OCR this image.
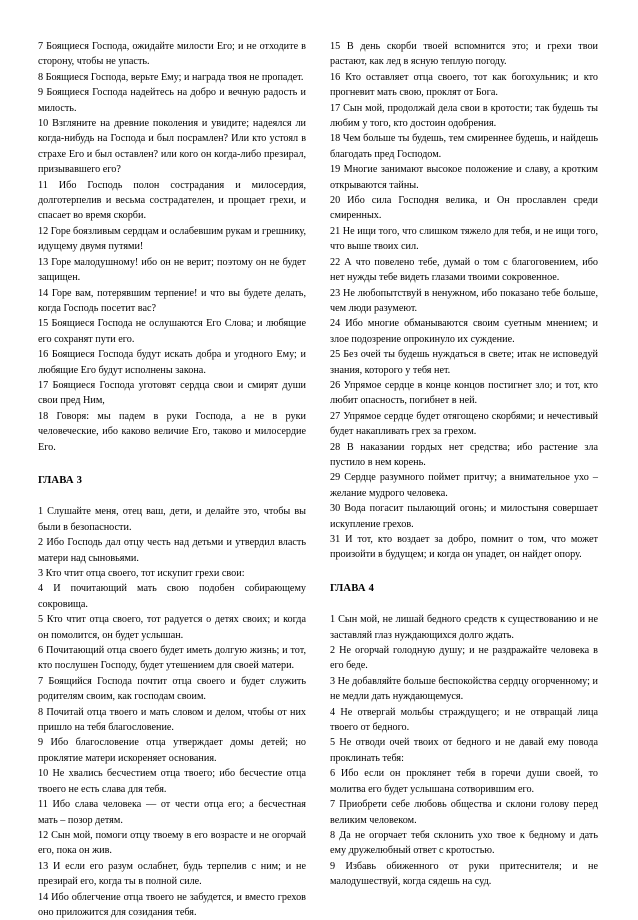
7 Боящиеся Господа, ожидайте милости Его; и не отходите в сторону, чтобы не упасть.

8 Боящиеся Господа, верьте Ему; и награда твоя не пропадет.

9 Боящиеся Господа надейтесь на добро и вечную радость и милость.

10 Взгляните на древние поколения и увидите; надеялся ли когда-нибудь на Господа и был посрамлен? Или кто устоял в страхе Его и был оставлен? или кого он когда-либо презирал, призывавшего его?

11 Ибо Господь полон сострадания и милосердия, долготерпелив и весьма сострадателен, и прощает грехи, и спасает во время скорби.

12 Горе боязливым сердцам и ослабевшим рукам и грешнику, идущему двумя путями!

13 Горе малодушному! ибо он не верит; поэтому он не будет защищен.

14 Горе вам, потерявшим терпение! и что вы будете делать, когда Господь посетит вас?

15 Боящиеся Господа не ослушаются Его Слова; и любящие его сохранят пути его.

16 Боящиеся Господа будут искать добра и угодного Ему; и любящие Его будут исполнены закона.

17 Боящиеся Господа уготовят сердца свои и смирят души свои пред Ним,

18 Говоря: мы падем в руки Господа, а не в руки человеческие, ибо каково величие Его, таково и милосердие Его.

ГЛАВА 3

1 Слушайте меня, отец ваш, дети, и делайте это, чтобы вы были в безопасности.

2 Ибо Господь дал отцу честь над детьми и утвердил власть матери над сыновьями.

3 Кто чтит отца своего, тот искупит грехи свои:

4 И почитающий мать свою подобен собирающему сокровища.

5 Кто чтит отца своего, тот радуется о детях своих; и когда он помолится, он будет услышан.

6 Почитающий отца своего будет иметь долгую жизнь; и тот, кто послушен Господу, будет утешением для своей матери.

7 Боящийся Господа почтит отца своего и будет служить родителям своим, как господам своим.

8 Почитай отца твоего и мать словом и делом, чтобы от них пришло на тебя благословение.

9 Ибо благословение отца утверждает домы детей; но проклятие матери искореняет основания.

10 Не хвались бесчестием отца твоего; ибо бесчестие отца твоего не есть слава для тебя.

11 Ибо слава человека — от чести отца его; а бесчестная мать – позор детям.

12 Сын мой, помоги отцу твоему в его возрасте и не огорчай его, пока он жив.

13 И если его разум ослабнет, будь терпелив с ним; и не презирай его, когда ты в полной силе.

14 Ибо облегчение отца твоего не забудется, и вместо грехов оно приложится для созидания тебя.

15 В день скорби твоей вспомнится это; и грехи твои растают, как лед в ясную теплую погоду.

16 Кто оставляет отца своего, тот как богохульник; и кто прогневит мать свою, проклят от Бога.

17 Сын мой, продолжай дела свои в кротости; так будешь ты любим у того, кто достоин одобрения.

18 Чем больше ты будешь, тем смиреннее будешь, и найдешь благодать пред Господом.

19 Многие занимают высокое положение и славу, а кротким открываются тайны.

20 Ибо сила Господня велика, и Он прославлен среди смиренных.

21 Не ищи того, что слишком тяжело для тебя, и не ищи того, что выше твоих сил.

22 А что повелено тебе, думай о том с благоговением, ибо нет нужды тебе видеть глазами твоими сокровенное.

23 Не любопытствуй в ненужном, ибо показано тебе больше, чем люди разумеют.

24 Ибо многие обманываются своим суетным мнением; и злое подозрение опрокинуло их суждение.

25 Без очей ты будешь нуждаться в свете; итак не исповедуй знания, которого у тебя нет.

26 Упрямое сердце в конце концов постигнет зло; и тот, кто любит опасность, погибнет в ней.

27 Упрямое сердце будет отягощено скорбями; и нечестивый будет накапливать грех за грехом.

28 В наказании гордых нет средства; ибо растение зла пустило в нем корень.

29 Сердце разумного поймет притчу; а внимательное ухо – желание мудрого человека.

30 Вода погасит пылающий огонь; и милостыня совершает искупление грехов.

31 И тот, кто воздает за добро, помнит о том, что может произойти в будущем; и когда он упадет, он найдет опору.

ГЛАВА 4

1 Сын мой, не лишай бедного средств к существованию и не заставляй глаз нуждающихся долго ждать.

2 Не огорчай голодную душу; и не раздражайте человека в его беде.

3 Не добавляйте больше беспокойства сердцу огорченному; и не медли дать нуждающемуся.

4 Не отвергай мольбы страждущего; и не отвращай лица твоего от бедного.

5 Не отводи очей твоих от бедного и не давай ему повода проклинать тебя:

6 Ибо если он проклянет тебя в горечи души своей, то молитва его будет услышана сотворившим его.

7 Приобрети себе любовь общества и склони голову перед великим человеком.

8 Да не огорчает тебя склонить ухо твое к бедному и дать ему дружелюбный ответ с кротостью.

9 Избавь обиженного от руки притеснителя; и не малодушествуй, когда сядешь на суд.
